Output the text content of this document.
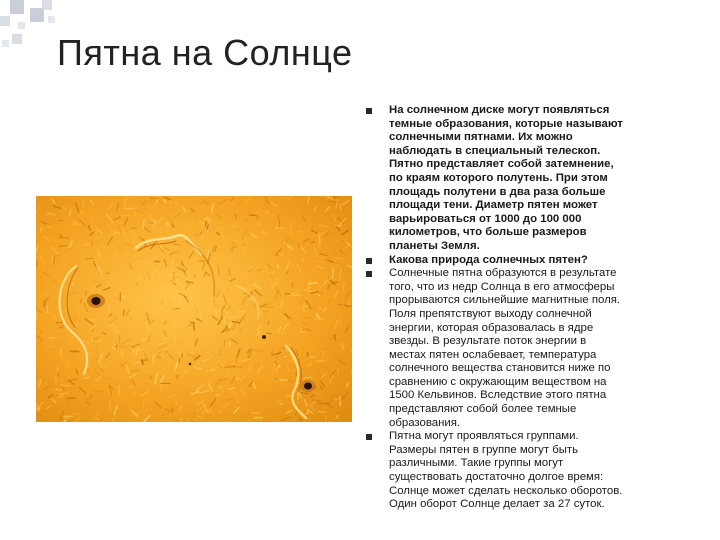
Пятна на Солнце
На солнечном диске могут появляться
темные образования, которые называют
солнечными пятнами. Их можно
наблюдать в специальный телескоп.
Пятно представляет собой затемнение,
по краям которого полутень. При этом
площадь полутени в два раза больше
площади тени. Диаметр пятен может
варьироваться от 1000 до 100 000
километров, что больше размеров
планеты Земля.
Какова природа солнечных пятен?
Солнечные пятна образуются в результате
того, что из недр Солнца в его атмосферы
прорываются сильнейшие магнитные поля.
Поля препятствуют выходу солнечной
энергии, которая образовалась в ядре
звезды. В результате поток энергии в
местах пятен ослабевает, температура
солнечного вещества становится ниже по
сравнению с окружающим веществом на
1500 Кельвинов. Вследствие этого пятна
представляют собой более темные
образования.
Пятна могут проявляться группами.
Размеры пятен в группе могут быть
различными. Такие группы могут
существовать достаточно долгое время:
Солнце может сделать несколько оборотов.
Один оборот Солнце делает за 27 суток.
